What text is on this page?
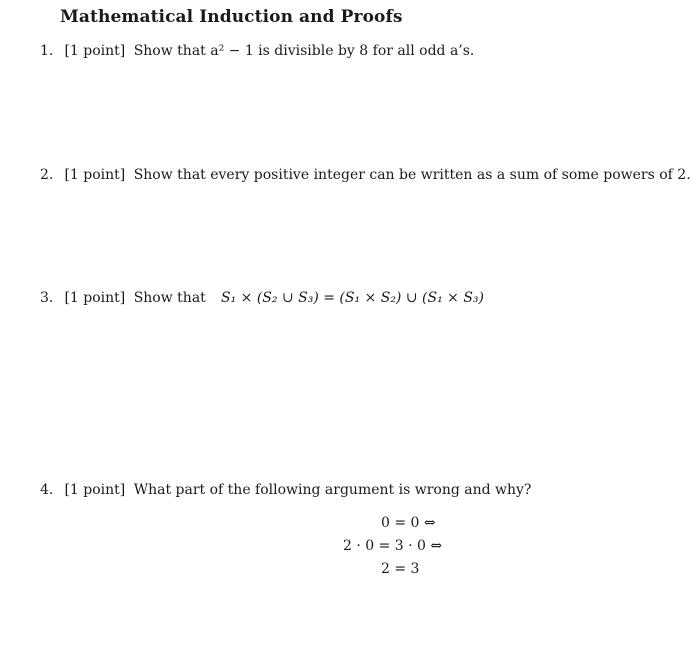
Mathematical Induction and Proofs
1. [1 point] Show that a² − 1 is divisible by 8 for all odd a’s.
2. [1 point] Show that every positive integer can be written as a sum of some powers of 2.
3. [1 point] Show that S₁ × (S₂ ∪ S₃) = (S₁ × S₂) ∪ (S₁ × S₃)
4. [1 point] What part of the following argument is wrong and why?
0 = 0 ⇔
2 · 0 = 3 · 0 ⇔
2 = 3
